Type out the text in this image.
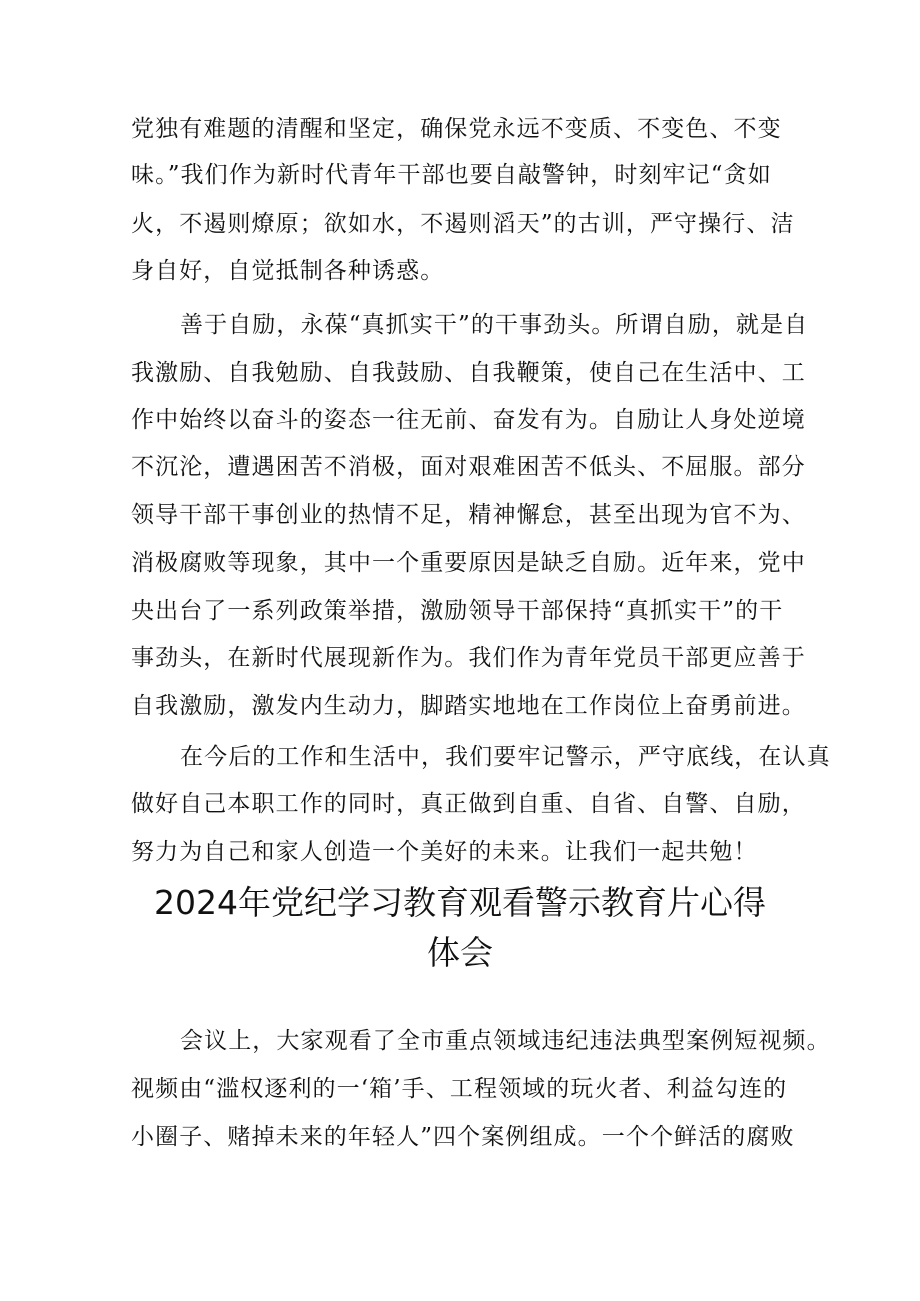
党独有难题的清醒和坚定，确保党永远不变质、不变色、不变
味。”我们作为新时代青年干部也要自敲警钟，时刻牢记“贪如
火，不遏则燎原；欲如水，不遏则滔天”的古训，严守操行、洁
身自好，自觉抵制各种诱惑。
善于自励，永葆“真抓实干”的干事劲头。所谓自励，就是自
我激励、自我勉励、自我鼓励、自我鞭策，使自己在生活中、工
作中始终以奋斗的姿态一往无前、奋发有为。自励让人身处逆境
不沉沦，遭遇困苦不消极，面对艰难困苦不低头、不屈服。部分
领导干部干事创业的热情不足，精神懈怠，甚至出现为官不为、
消极腐败等现象，其中一个重要原因是缺乏自励。近年来，党中
央出台了一系列政策举措，激励领导干部保持“真抓实干”的干
事劲头，在新时代展现新作为。我们作为青年党员干部更应善于
自我激励，激发内生动力，脚踏实地地在工作岗位上奋勇前进。
在今后的工作和生活中，我们要牢记警示，严守底线，在认真
做好自己本职工作的同时，真正做到自重、自省、自警、自励，
努力为自己和家人创造一个美好的未来。让我们一起共勉！
2024年党纪学习教育观看警示教育片心得
体会
会议上，大家观看了全市重点领域违纪违法典型案例短视频。
视频由“滥权逐利的一‘箱’手、工程领域的玩火者、利益勾连的
小圈子、赌掉未来的年轻人”四个案例组成。一个个鲜活的腐败
